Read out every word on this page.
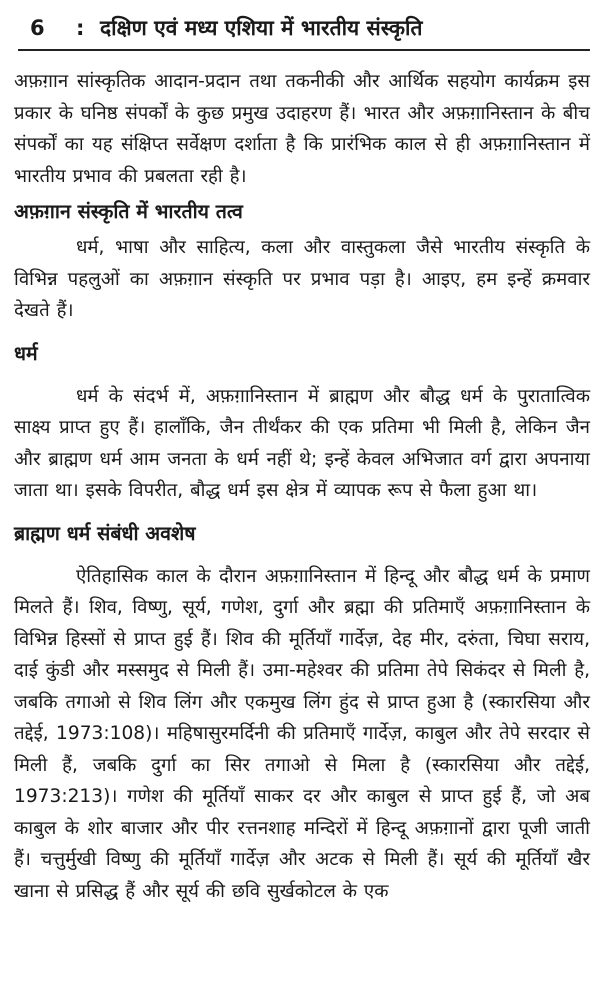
6	: दक्षिण एवं मध्य एशिया में भारतीय संस्कृति

अफ़ग़ान सांस्कृतिक आदान-प्रदान तथा तकनीकी और आर्थिक सहयोग कार्यक्रम इस प्रकार के घनिष्ठ संपर्कों के कुछ प्रमुख उदाहरण हैं। भारत और अफ़ग़ानिस्तान के बीच संपर्कों का यह संक्षिप्त सर्वेक्षण दर्शाता है कि प्रारंभिक काल से ही अफ़ग़ानिस्तान में भारतीय प्रभाव की प्रबलता रही है।

अफ़ग़ान संस्कृति में भारतीय तत्व

धर्म, भाषा और साहित्य, कला और वास्तुकला जैसे भारतीय संस्कृति के विभिन्न पहलुओं का अफ़ग़ान संस्कृति पर प्रभाव पड़ा है। आइए, हम इन्हें क्रमवार देखते हैं।

धर्म

धर्म के संदर्भ में, अफ़ग़ानिस्तान में ब्राह्मण और बौद्ध धर्म के पुरातात्विक साक्ष्य प्राप्त हुए हैं। हालाँकि, जैन तीर्थंकर की एक प्रतिमा भी मिली है, लेकिन जैन और ब्राह्मण धर्म आम जनता के धर्म नहीं थे; इन्हें केवल अभिजात वर्ग द्वारा अपनाया जाता था। इसके विपरीत, बौद्ध धर्म इस क्षेत्र में व्यापक रूप से फैला हुआ था।

ब्राह्मण धर्म संबंधी अवशेष

ऐतिहासिक काल के दौरान अफ़ग़ानिस्तान में हिन्दू और बौद्ध धर्म के प्रमाण मिलते हैं। शिव, विष्णु, सूर्य, गणेश, दुर्गा और ब्रह्मा की प्रतिमाएँ अफ़ग़ानिस्तान के विभिन्न हिस्सों से प्राप्त हुई हैं। शिव की मूर्तियाँ गार्देज़, देह मीर, दरुंता, चिघा सराय, दाई कुंडी और मस्समुद से मिली हैं। उमा-महेश्वर की प्रतिमा तेपे सिकंदर से मिली है, जबकि तगाओ से शिव लिंग और एकमुख लिंग हुंद से प्राप्त हुआ है (स्कारसिया और तद्देई, 1973:108)। महिषासुरमर्दिनी की प्रतिमाएँ गार्देज़, काबुल और तेपे सरदार से मिली हैं, जबकि दुर्गा का सिर तगाओ से मिला है (स्कारसिया और तद्देई, 1973:213)। गणेश की मूर्तियाँ साकर दर और काबुल से प्राप्त हुई हैं, जो अब काबुल के शोर बाजार और पीर रत्तनशाह मन्दिरों में हिन्दू अफ़ग़ानों द्वारा पूजी जाती हैं। चत्तुर्मुखी विष्णु की मूर्तियाँ गार्देज़ और अटक से मिली हैं। सूर्य की मूर्तियाँ खैर खाना से प्रसिद्ध हैं और सूर्य की छवि सुर्खकोटल के एक
